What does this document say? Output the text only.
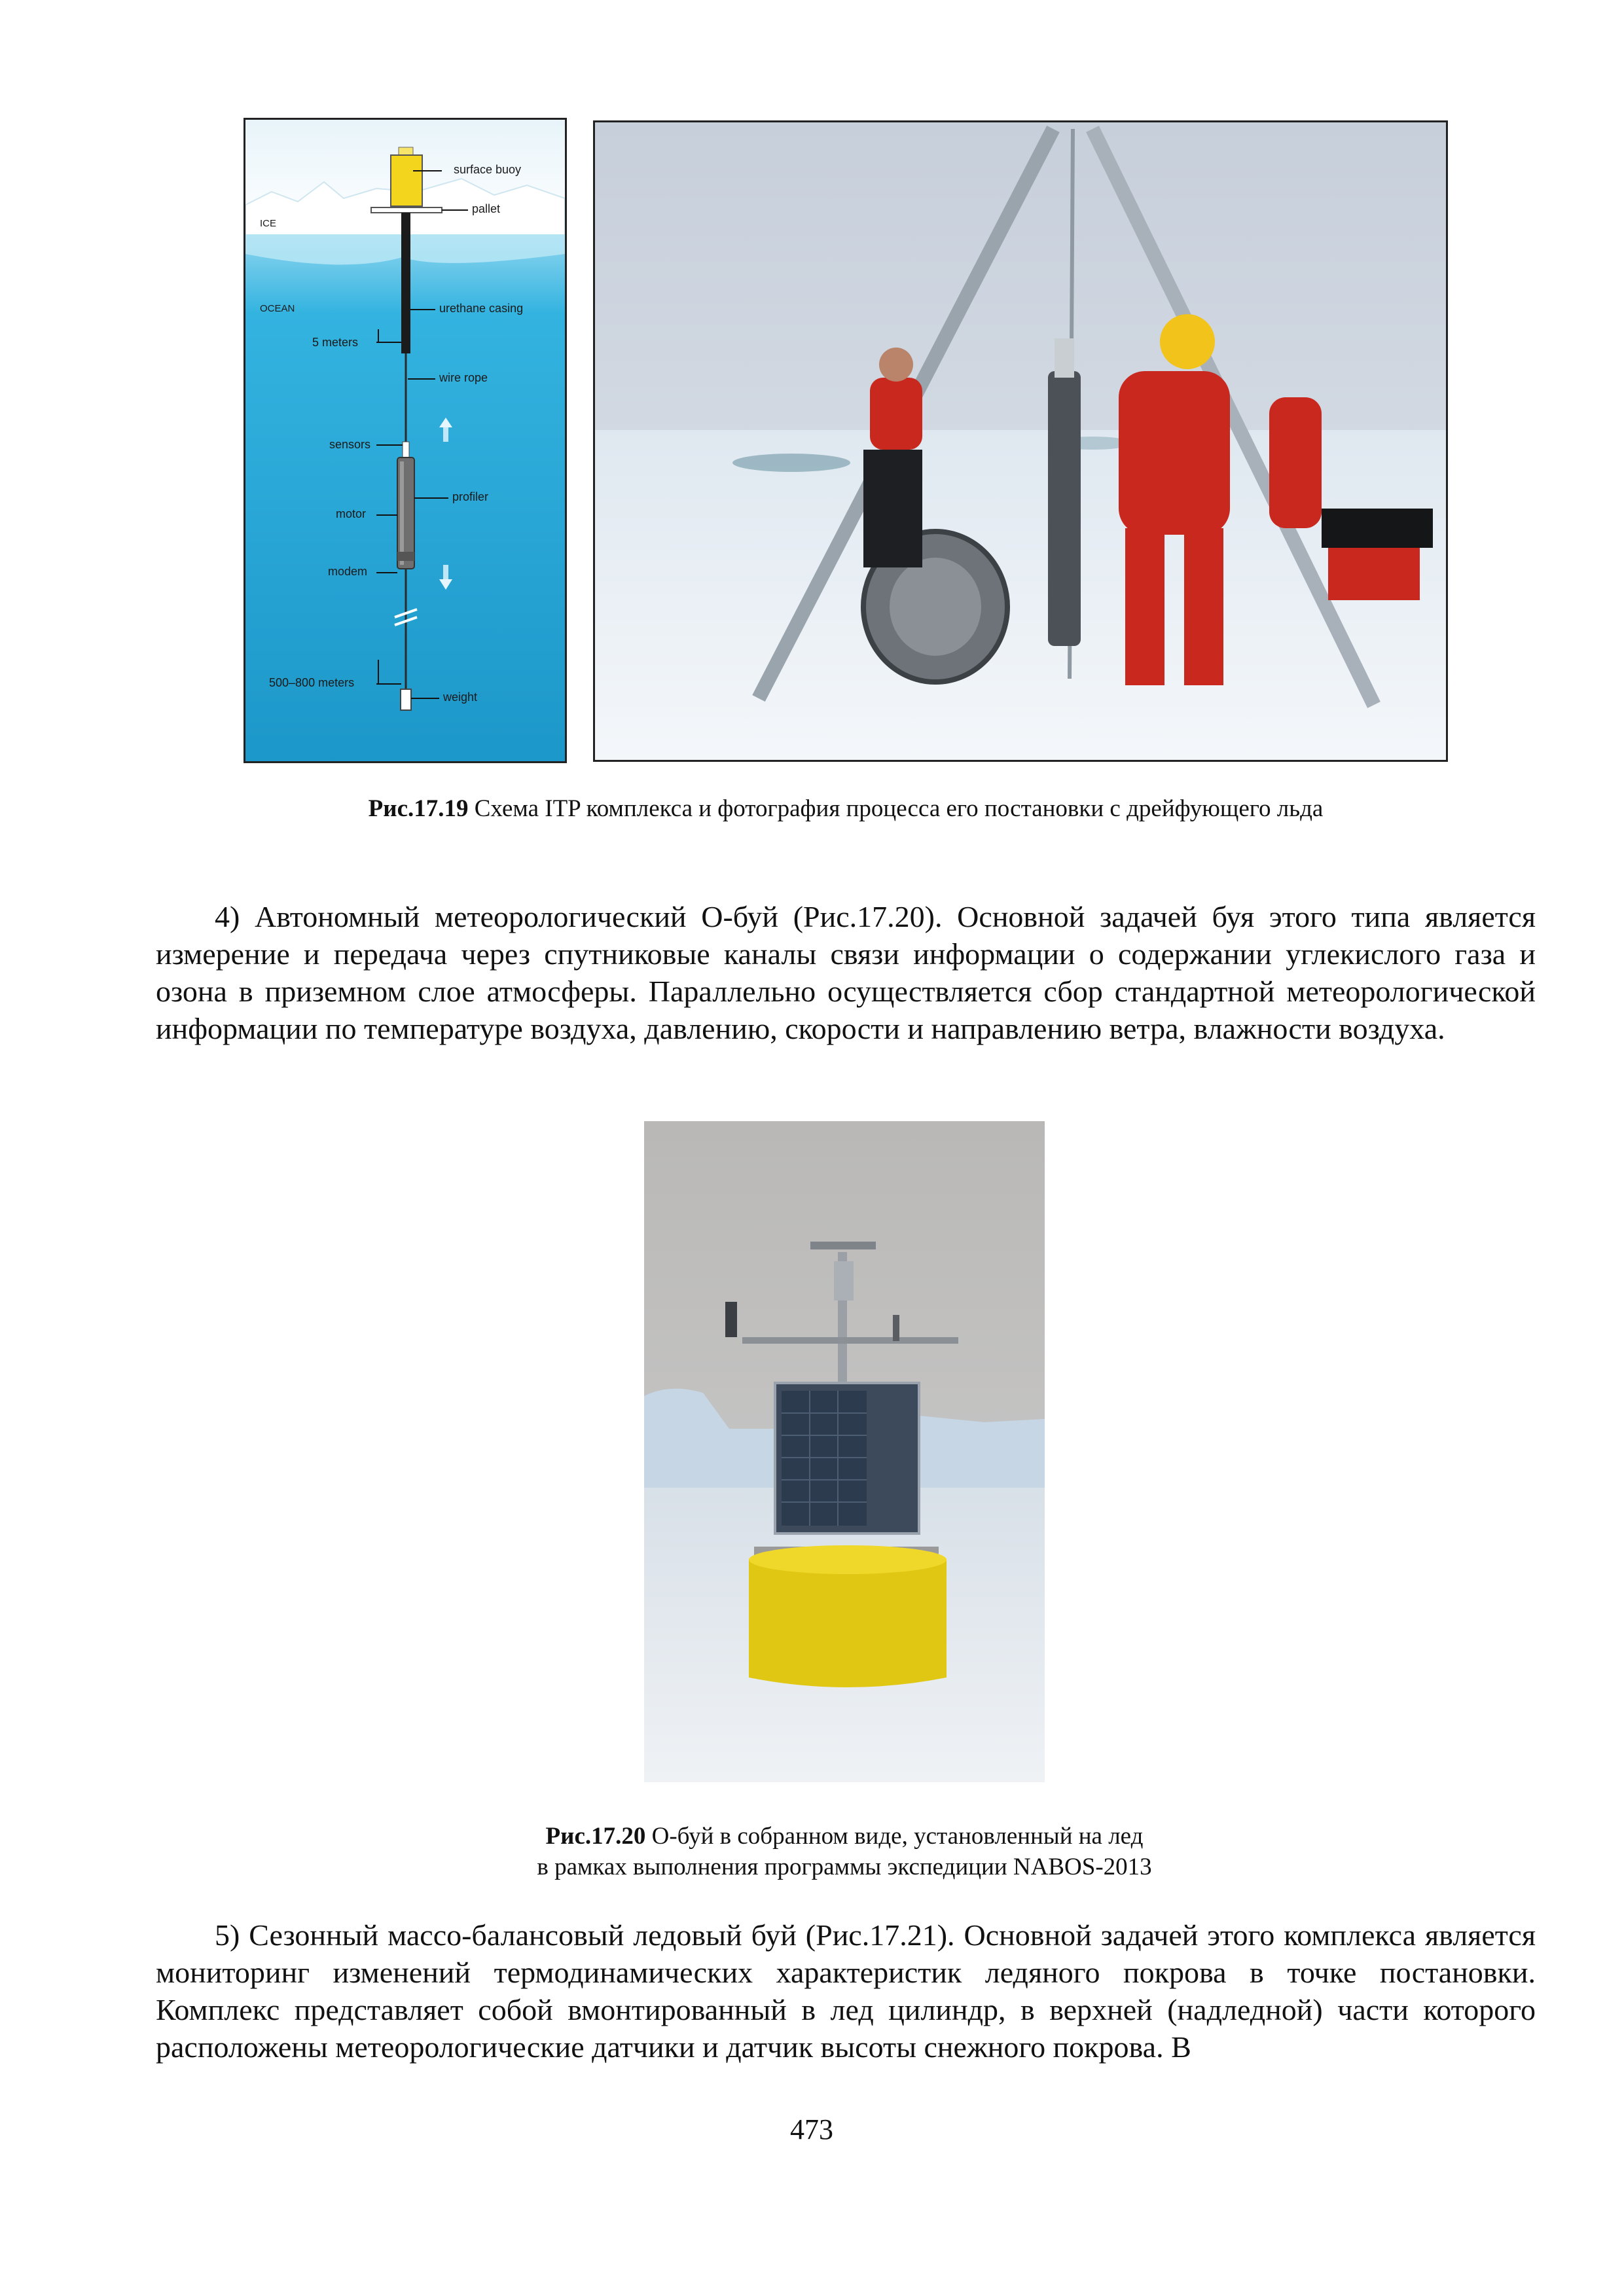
surface buoy
pallet
ICE
OCEAN	urethane casing
5 meters
wire rope
sensors
profiler
motor
modem
500–800 meters
weight
Рис.17.19 Схема ITP комплекса и фотография процесса его постановки с дрейфующего льда

4) Автономный метеорологический О-буй (Рис.17.20). Основной задачей буя этого типа является измерение и передача через спутниковые каналы связи информации о содержании углекислого газа и озона в приземном слое атмосферы. Параллельно осуществляется сбор стандартной метеорологической информации по температуре воздуха, давлению, скорости и направлению ветра, влажности воздуха.

Рис.17.20 О-буй в собранном виде, установленный на лед
в рамках выполнения программы экспедиции NABOS-2013

5) Сезонный массо-балансовый ледовый буй (Рис.17.21). Основной задачей этого комплекса является мониторинг изменений термодинамических характеристик ледяного покрова в точке постановки. Комплекс представляет собой вмонтированный в лед цилиндр, в верхней (надледной) части которого расположены метеорологические датчики и датчик высоты снежного покрова. В

473
